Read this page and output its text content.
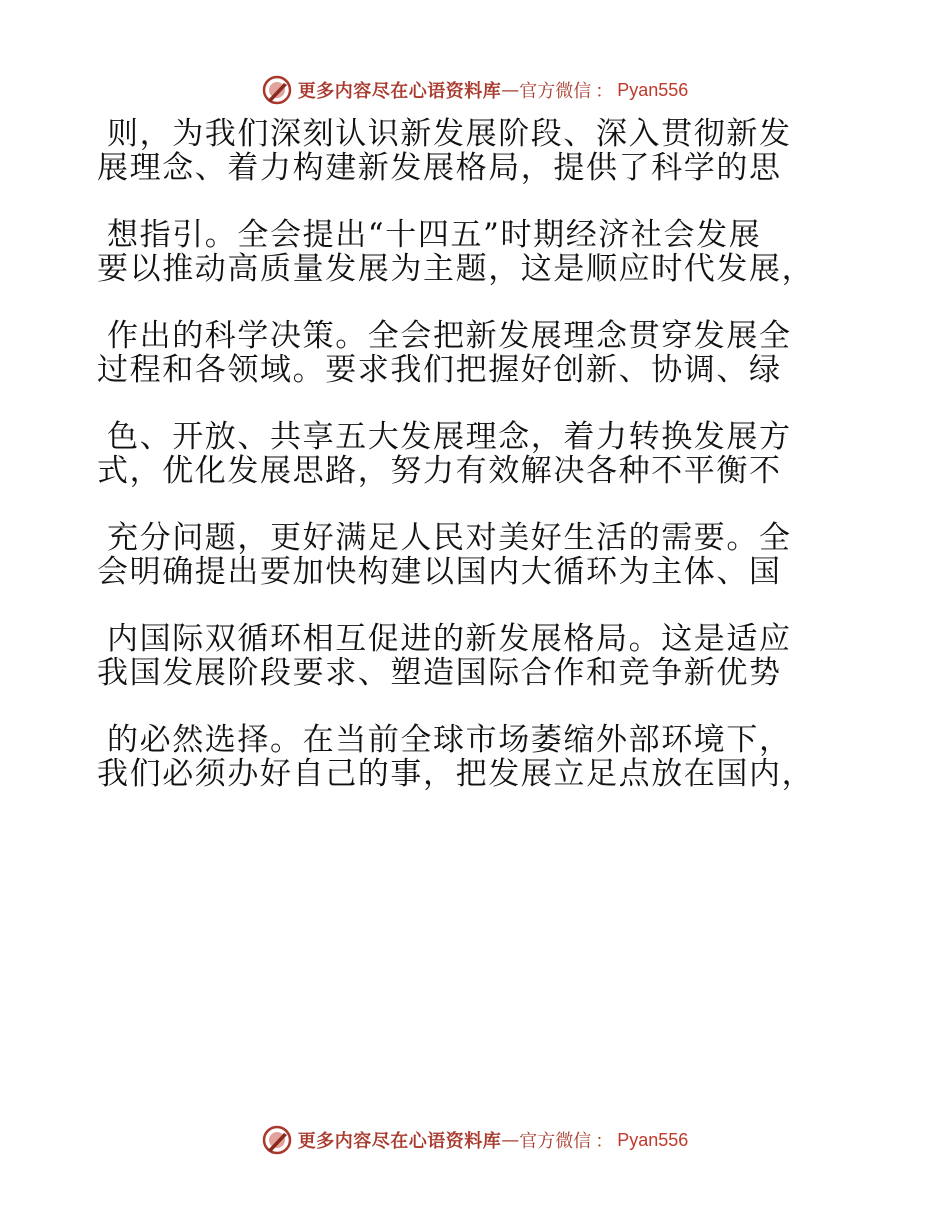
更多内容尽在心语资料库 — 官方微信 ： Pyan556
则，为我们深刻认识新发展阶段、深入贯彻新发
展理念、着力构建新发展格局，提供了科学的思
想指引。全会提出“十四五”时期经济社会发展
要以推动高质量发展为主题，这是顺应时代发展，
作出的科学决策。全会把新发展理念贯穿发展全
过程和各领域。要求我们把握好创新、协调、绿
色、开放、共享五大发展理念，着力转换发展方
式，优化发展思路，努力有效解决各种不平衡不
充分问题，更好满足人民对美好生活的需要。全
会明确提出要加快构建以国内大循环为主体、国
内国际双循环相互促进的新发展格局。这是适应
我国发展阶段要求、塑造国际合作和竞争新优势
的必然选择。在当前全球市场萎缩外部环境下，
我们必须办好自己的事，把发展立足点放在国内，
更多内容尽在心语资料库 — 官方微信 ： Pyan556
